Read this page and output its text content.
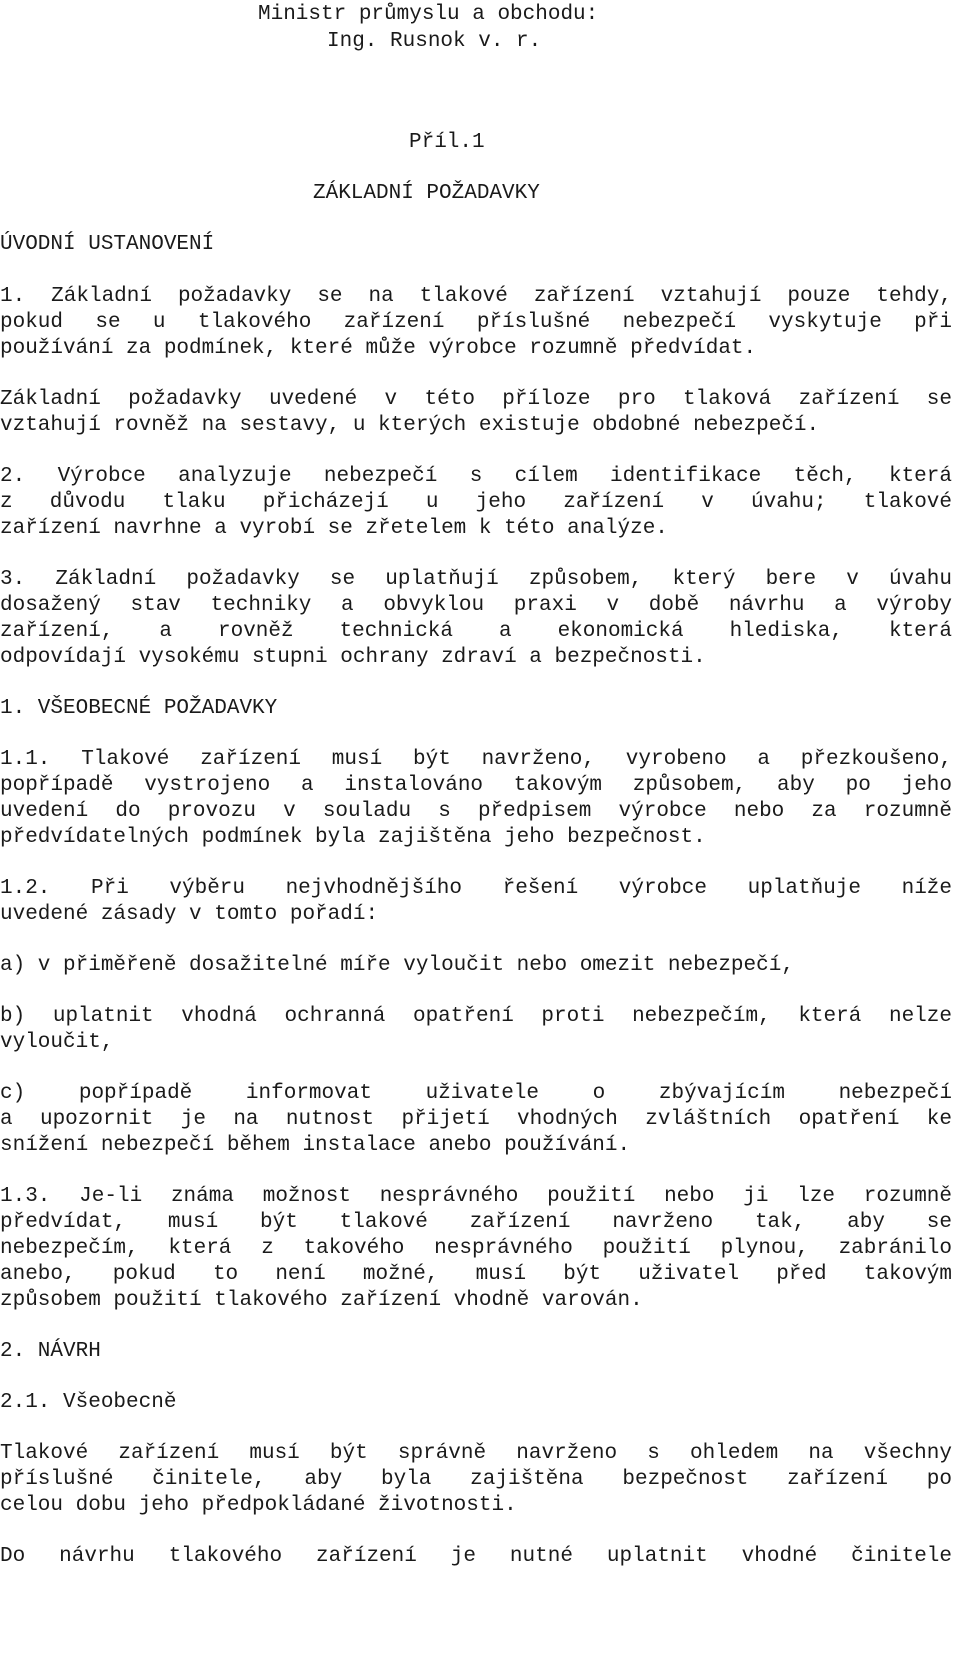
Ministr průmyslu a obchodu:

Ing. Rusnok v. r.

Příl.1

ZÁKLADNÍ POŽADAVKY

ÚVODNÍ USTANOVENÍ

1. Základní požadavky se na tlakové zařízení vztahují pouze tehdy,

pokud se u tlakového zařízení příslušné nebezpečí vyskytuje při

používání za podmínek, které může výrobce rozumně předvídat.

Základní požadavky uvedené v této příloze pro tlaková zařízení se

vztahují rovněž na sestavy, u kterých existuje obdobné nebezpečí.

2. Výrobce analyzuje nebezpečí s cílem identifikace těch, která

z důvodu tlaku přicházejí u jeho zařízení v úvahu; tlakové

zařízení navrhne a vyrobí se zřetelem k této analýze.

3. Základní požadavky se uplatňují způsobem, který bere v úvahu

dosažený stav techniky a obvyklou praxi v době návrhu a výroby

zařízení, a rovněž technická a ekonomická hlediska, která

odpovídají vysokému stupni ochrany zdraví a bezpečnosti.

1. VŠEOBECNÉ POŽADAVKY

1.1. Tlakové zařízení musí být navrženo, vyrobeno a přezkoušeno,

popřípadě vystrojeno a instalováno takovým způsobem, aby po jeho

uvedení do provozu v souladu s předpisem výrobce nebo za rozumně

předvídatelných podmínek byla zajištěna jeho bezpečnost.

1.2. Při výběru nejvhodnějšího řešení výrobce uplatňuje níže

uvedené zásady v tomto pořadí:

a) v přiměřeně dosažitelné míře vyloučit nebo omezit nebezpečí,

b) uplatnit vhodná ochranná opatření proti nebezpečím, která nelze

vyloučit,

c) popřípadě informovat uživatele o zbývajícím nebezpečí

a upozornit je na nutnost přijetí vhodných zvláštních opatření ke

snížení nebezpečí během instalace anebo používání.

1.3. Je-li známa možnost nesprávného použití nebo ji lze rozumně

předvídat, musí být tlakové zařízení navrženo tak, aby se

nebezpečím, která z takového nesprávného použití plynou, zabránilo

anebo, pokud to není možné, musí být uživatel před takovým

způsobem použití tlakového zařízení vhodně varován.

2. NÁVRH

2.1. Všeobecně

Tlakové zařízení musí být správně navrženo s ohledem na všechny

příslušné činitele, aby byla zajištěna bezpečnost zařízení po

celou dobu jeho předpokládané životnosti.

Do návrhu tlakového zařízení je nutné uplatnit vhodné činitele
